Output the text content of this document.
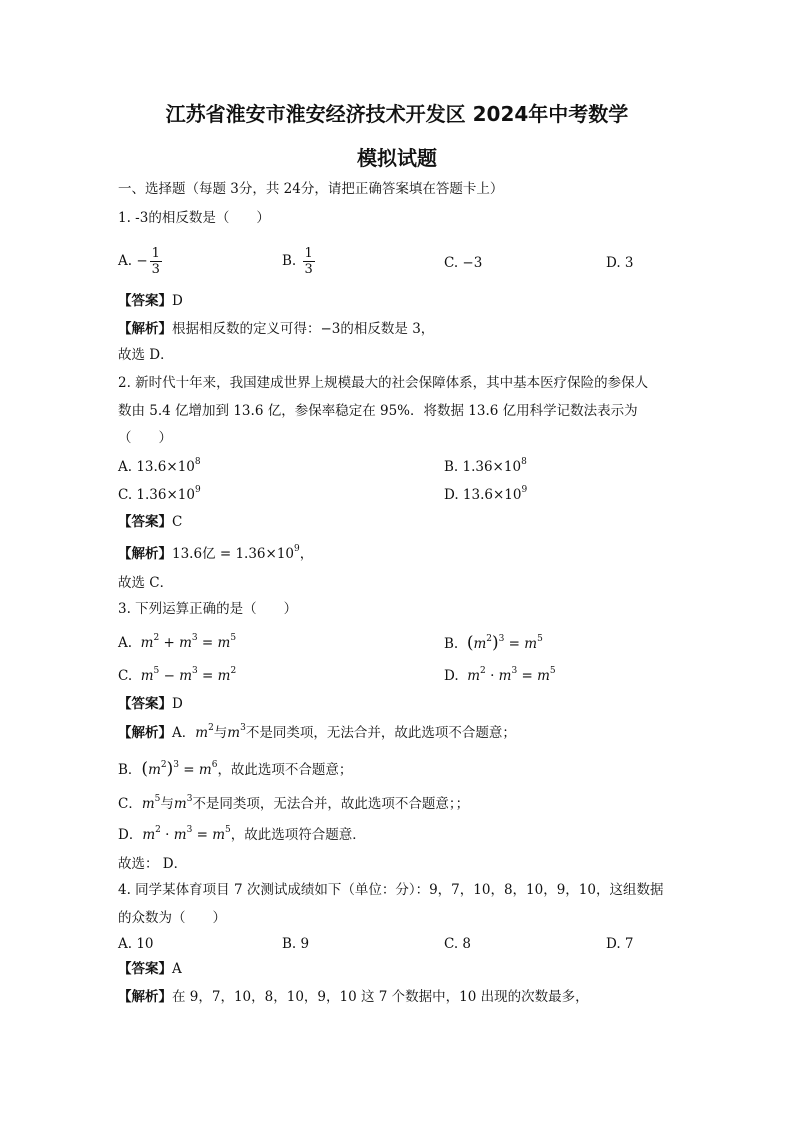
江苏省淮安市淮安经济技术开发区 2024年中考数学
模拟试题
一、选择题（每题 3分，共 24分，请把正确答案填在答题卡上）
1. -3的相反数是（　　）
A. − $\frac{1}{3}$	B. $\frac{1}{3}$	C. −3	D. 3
【答案】D
【解析】根据相反数的定义可得：−3的相反数是 3，
故选 D．
2. 新时代十年来，我国建成世界上规模最大的社会保障体系，其中基本医疗保险的参保人
数由 5.4 亿增加到 13.6 亿，参保率稳定在 95%．将数据 13.6 亿用科学记数法表示为
（　　）
A. $13.6\times 10^8$	B. $1.36\times 10^8$
C. $1.36\times 10^9$	D. $13.6\times 10^9$
【答案】C
【解析】13.6亿 = $1.36\times 10^9$，
故选 C．
3. 下列运算正确的是（　　）
A. $m^2 + m^3 = m^5$	B. $(m^2)^3 = m^5$
C. $m^5 - m^3 = m^2$	D. $m^2 \cdot m^3 = m^5$
【答案】D
【解析】A．$m^2$与$m^3$不是同类项，无法合并，故此选项不合题意；
B．$(m^2)^3 = m^6$，故此选项不合题意；
C．$m^5$与$m^3$不是同类项，无法合并，故此选项不合题意；；
D．$m^2 \cdot m^3 = m^5$，故此选项符合题意．
故选： D．
4. 同学某体育项目 7 次测试成绩如下（单位：分）：9，7，10，8，10，9，10，这组数据
的众数为（　　）
A. 10	B. 9	C. 8	D. 7
【答案】A
【解析】在 9，7，10，8，10，9，10 这 7 个数据中，10 出现的次数最多，
